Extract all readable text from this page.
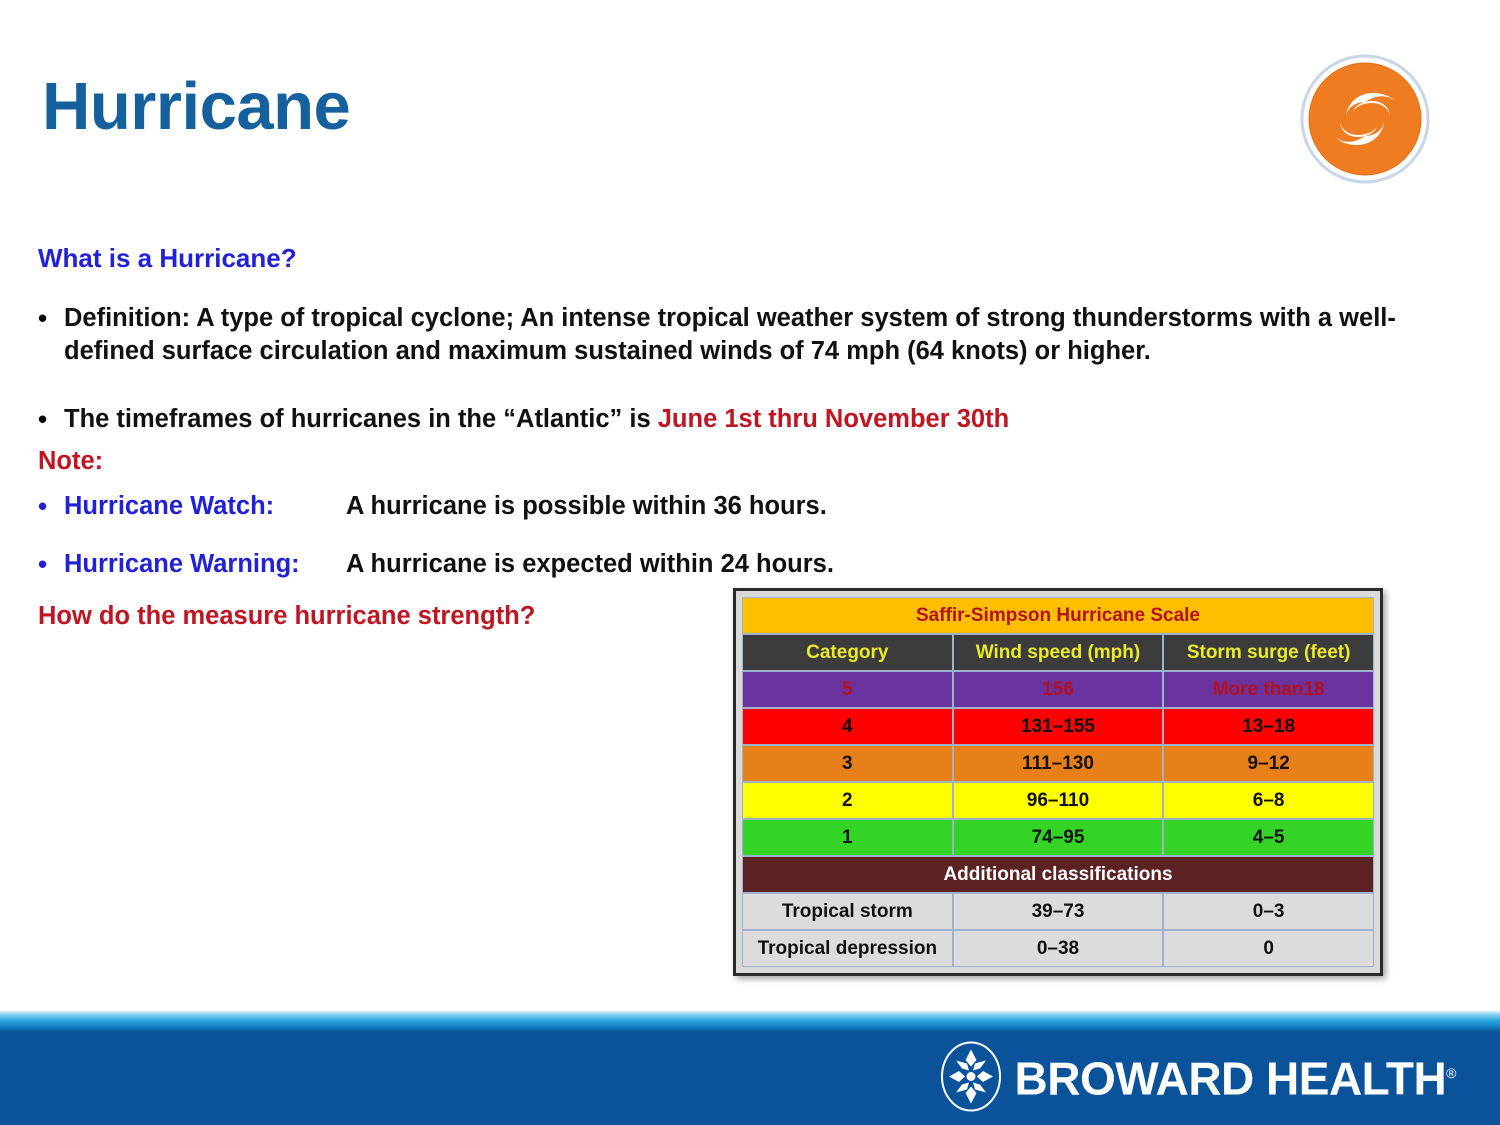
Hurricane
What is a Hurricane?
• Definition: A type of tropical cyclone; An intense tropical weather system of strong thunderstorms with a well-defined surface circulation and maximum sustained winds of 74 mph (64 knots) or higher.
• The timeframes of hurricanes in the “Atlantic” is June 1st thru November 30th
Note:
• Hurricane Watch:	A hurricane is possible within 36 hours.
• Hurricane Warning: A hurricane is expected within 24 hours.
How do the measure hurricane strength?	Saffir-Simpson Hurricane Scale		
Category	Wind speed (mph)	Storm surge (feet)
5	156	More than18
4	131–155	13–18
3	111–130	9–12
2	96–110	6–8
1	74–95	4–5
Additional classifications		
Tropical storm	39–73	0–3
Tropical depression	0–38	0
BROWARD HEALTH®
